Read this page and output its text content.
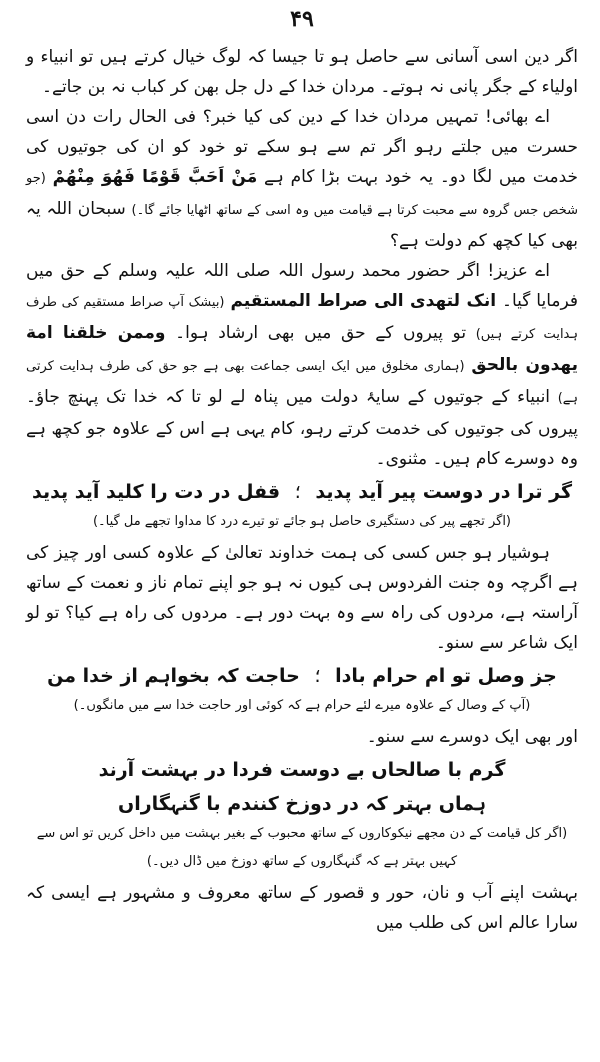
۴۹

اگر دین اسی آسانی سے حاصل ہو تا جیسا کہ لوگ خیال کرتے ہیں تو انبیاء و اولیاء کے جگر پانی نہ ہوتے۔ مردان خدا کے دل جل بھن کر کباب نہ بن جاتے۔

اے بھائی! تمہیں مردان خدا کے دین کی کیا خبر؟ فی الحال رات دن اسی حسرت میں جلتے رہو اگر تم سے ہو سکے تو خود کو ان کی جوتیوں کی خدمت میں لگا دو۔ یہ خود بہت بڑا کام ہے مَنْ اَحَبَّ قَوْمًا فَهُوَ مِنْهُمْ (جو شخص جس گروہ سے محبت کرتا ہے قیامت میں وہ اسی کے ساتھ اٹھایا جائے گا۔) سبحان اللہ یہ بھی کیا کچھ کم دولت ہے؟

اے عزیز! اگر حضور محمد رسول اللہ صلی اللہ علیہ وسلم کے حق میں فرمایا گیا۔ انک لتهدی الی صراط المستقیم (بیشک آپ صراط مستقیم کی طرف ہدایت کرتے ہیں) تو پیروں کے حق میں بھی ارشاد ہوا۔ وممن خلقنا امة یهدون بالحق (ہماری مخلوق میں ایک ایسی جماعت بھی ہے جو حق کی طرف ہدایت کرتی ہے) انبیاء کے جوتیوں کے سایۂ دولت میں پناہ لے لو تا کہ خدا تک پہنچ جاؤ۔ پیروں کی جوتیوں کی خدمت کرتے رہو، کام یہی ہے اس کے علاوہ جو کچھ ہے وہ دوسرے کام ہیں۔ مثنوی۔

گر ترا در دوست پیر آید پدید ؛ قفل در دت را کلید آید پدید
(اگر تجھے پیر کی دستگیری حاصل ہو جائے تو تیرے درد کا مداوا تجھے مل گیا۔)

ہوشیار ہو جس کسی کی ہمت خداوند تعالیٰ کے علاوہ کسی اور چیز کی ہے اگرچہ وہ جنت الفردوس ہی کیوں نہ ہو جو اپنے تمام ناز و نعمت کے ساتھ آراستہ ہے، مردوں کی راہ سے وہ بہت دور ہے۔ مردوں کی راہ ہے کیا؟ تو لو ایک شاعر سے سنو۔

جز وصل تو ام حرام بادا ؛ حاجت کہ بخواہم از خدا من
(آپ کے وصال کے علاوہ میرے لئے حرام ہے کہ کوئی اور حاجت خدا سے میں مانگوں۔)

اور بھی ایک دوسرے سے سنو۔

گرم با صالحاں بے دوست فردا در بہشت آرند
ہماں بہتر کہ در دوزخ کنندم با گنہگاراں
(اگر کل قیامت کے دن مجھے نیکوکاروں کے ساتھ محبوب کے بغیر بہشت میں داخل کریں تو اس سے
کہیں بہتر ہے کہ گنہگاروں کے ساتھ دوزخ میں ڈال دیں۔)

بہشت اپنے آب و نان، حور و قصور کے ساتھ معروف و مشہور ہے ایسی کہ سارا عالم اس کی طلب میں
